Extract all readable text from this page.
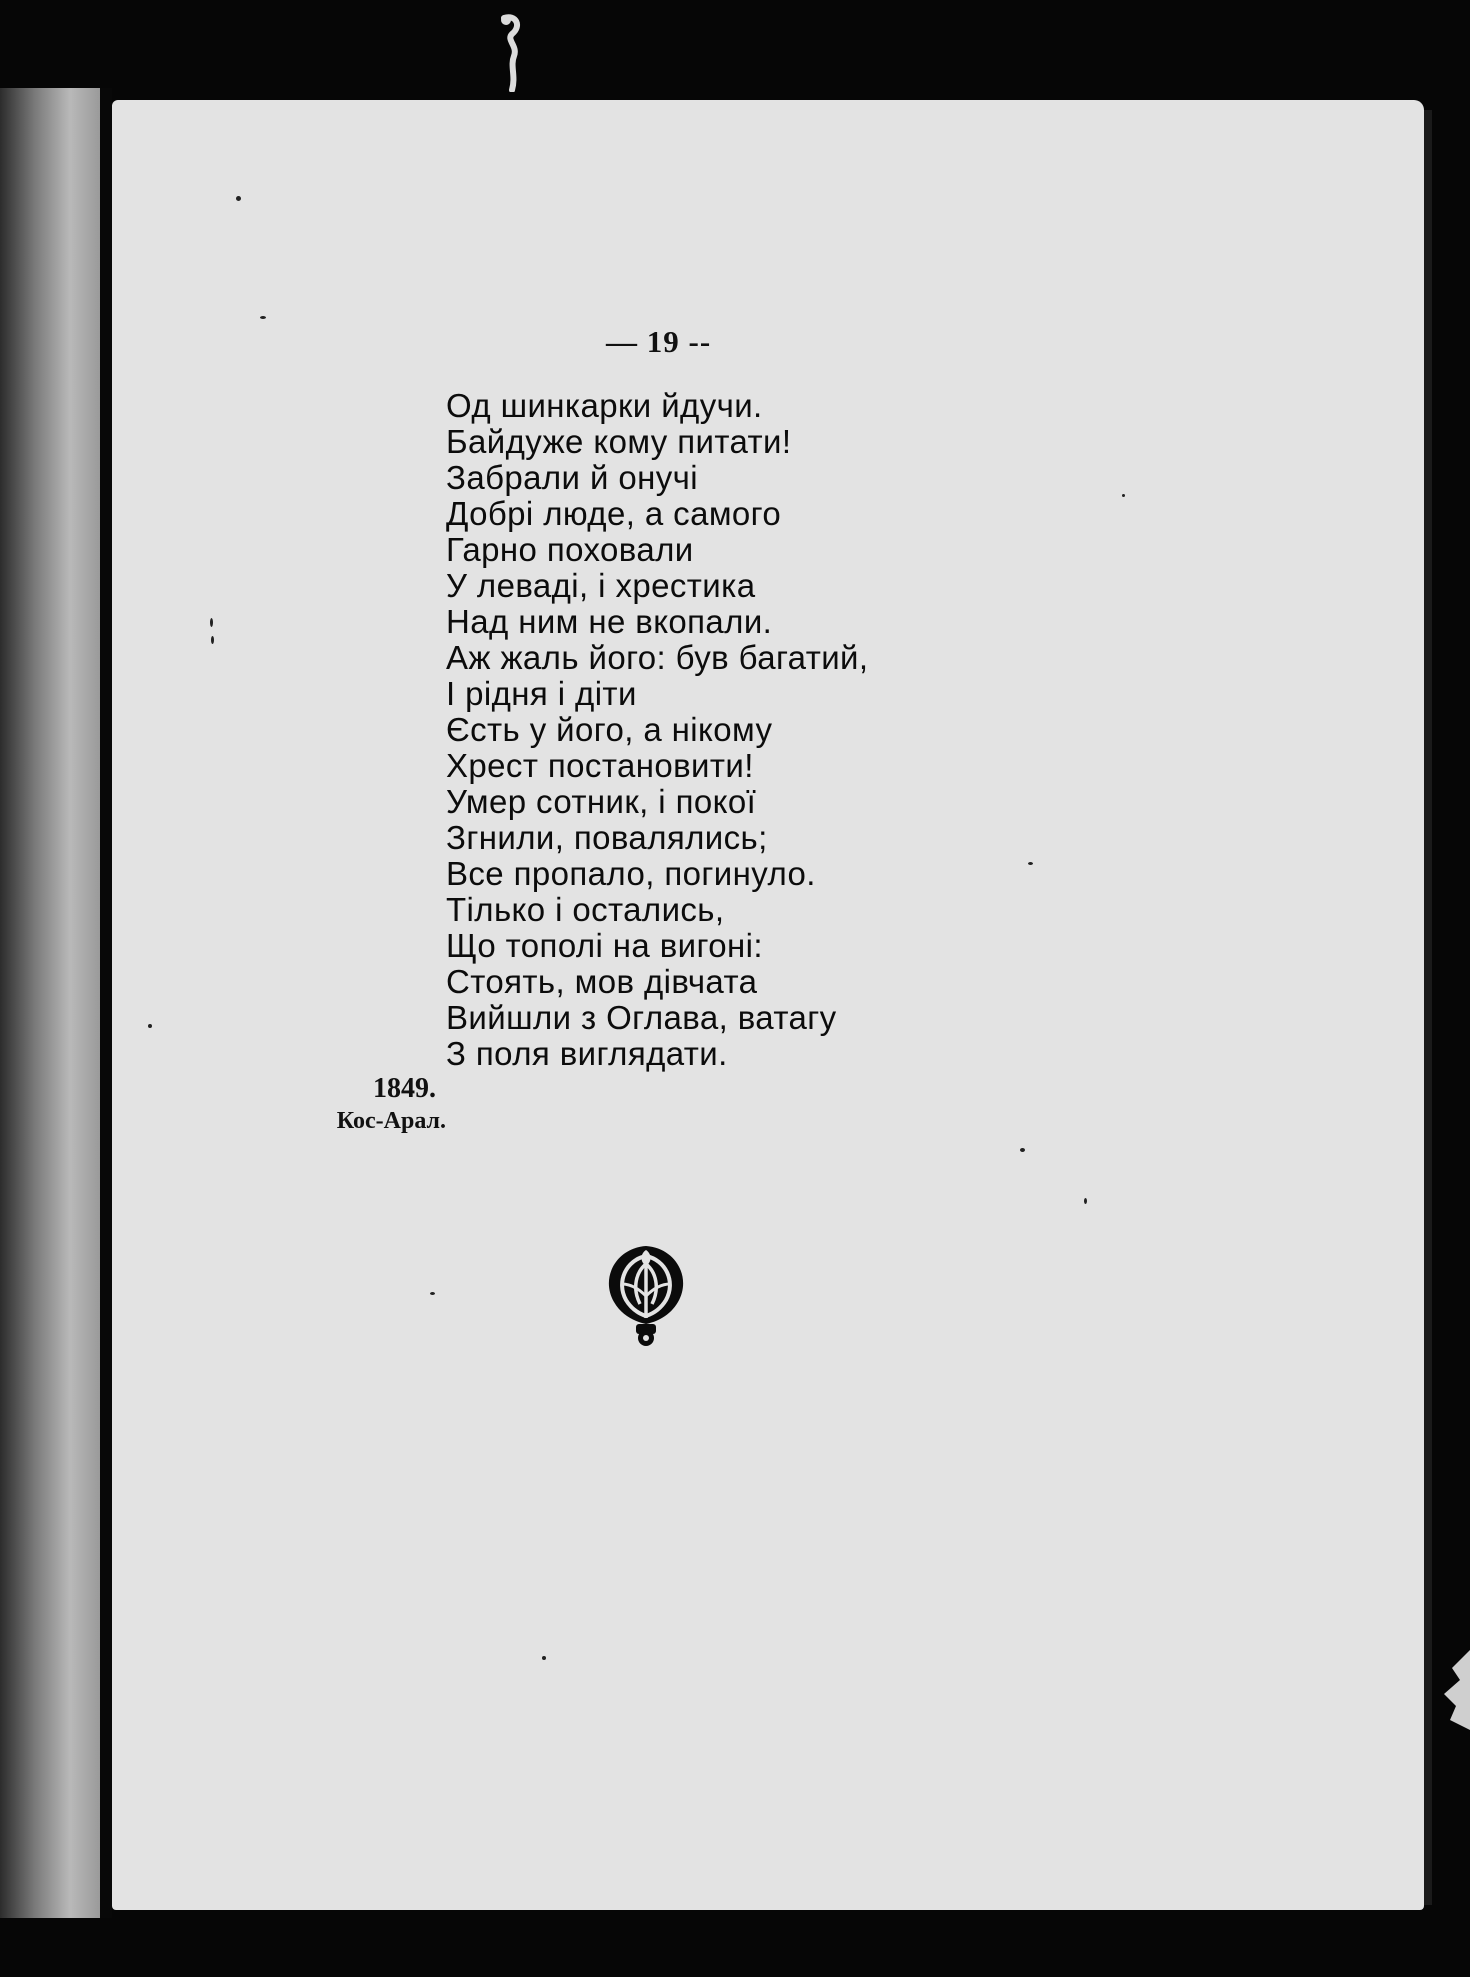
— 19 --
Од шинкарки йдучи.
Байдуже кому питати!
Забрали й онучі
Добрі люде, а самого
Гарно поховали
У леваді, і хрестика
Над ним не вкопали.
Аж жаль його: був багатий,
І рідня і діти
Єсть у його, а нікому
Хрест постановити!
Умер сотник, і покої
Згнили, повалялись;
Все пропало, погинуло.
Тілько і остались,
Що тополі на вигоні:
Стоять, мов дівчата
Вийшли з Оглава, ватагу
З поля виглядати.
1849.
Кос-Арал.
